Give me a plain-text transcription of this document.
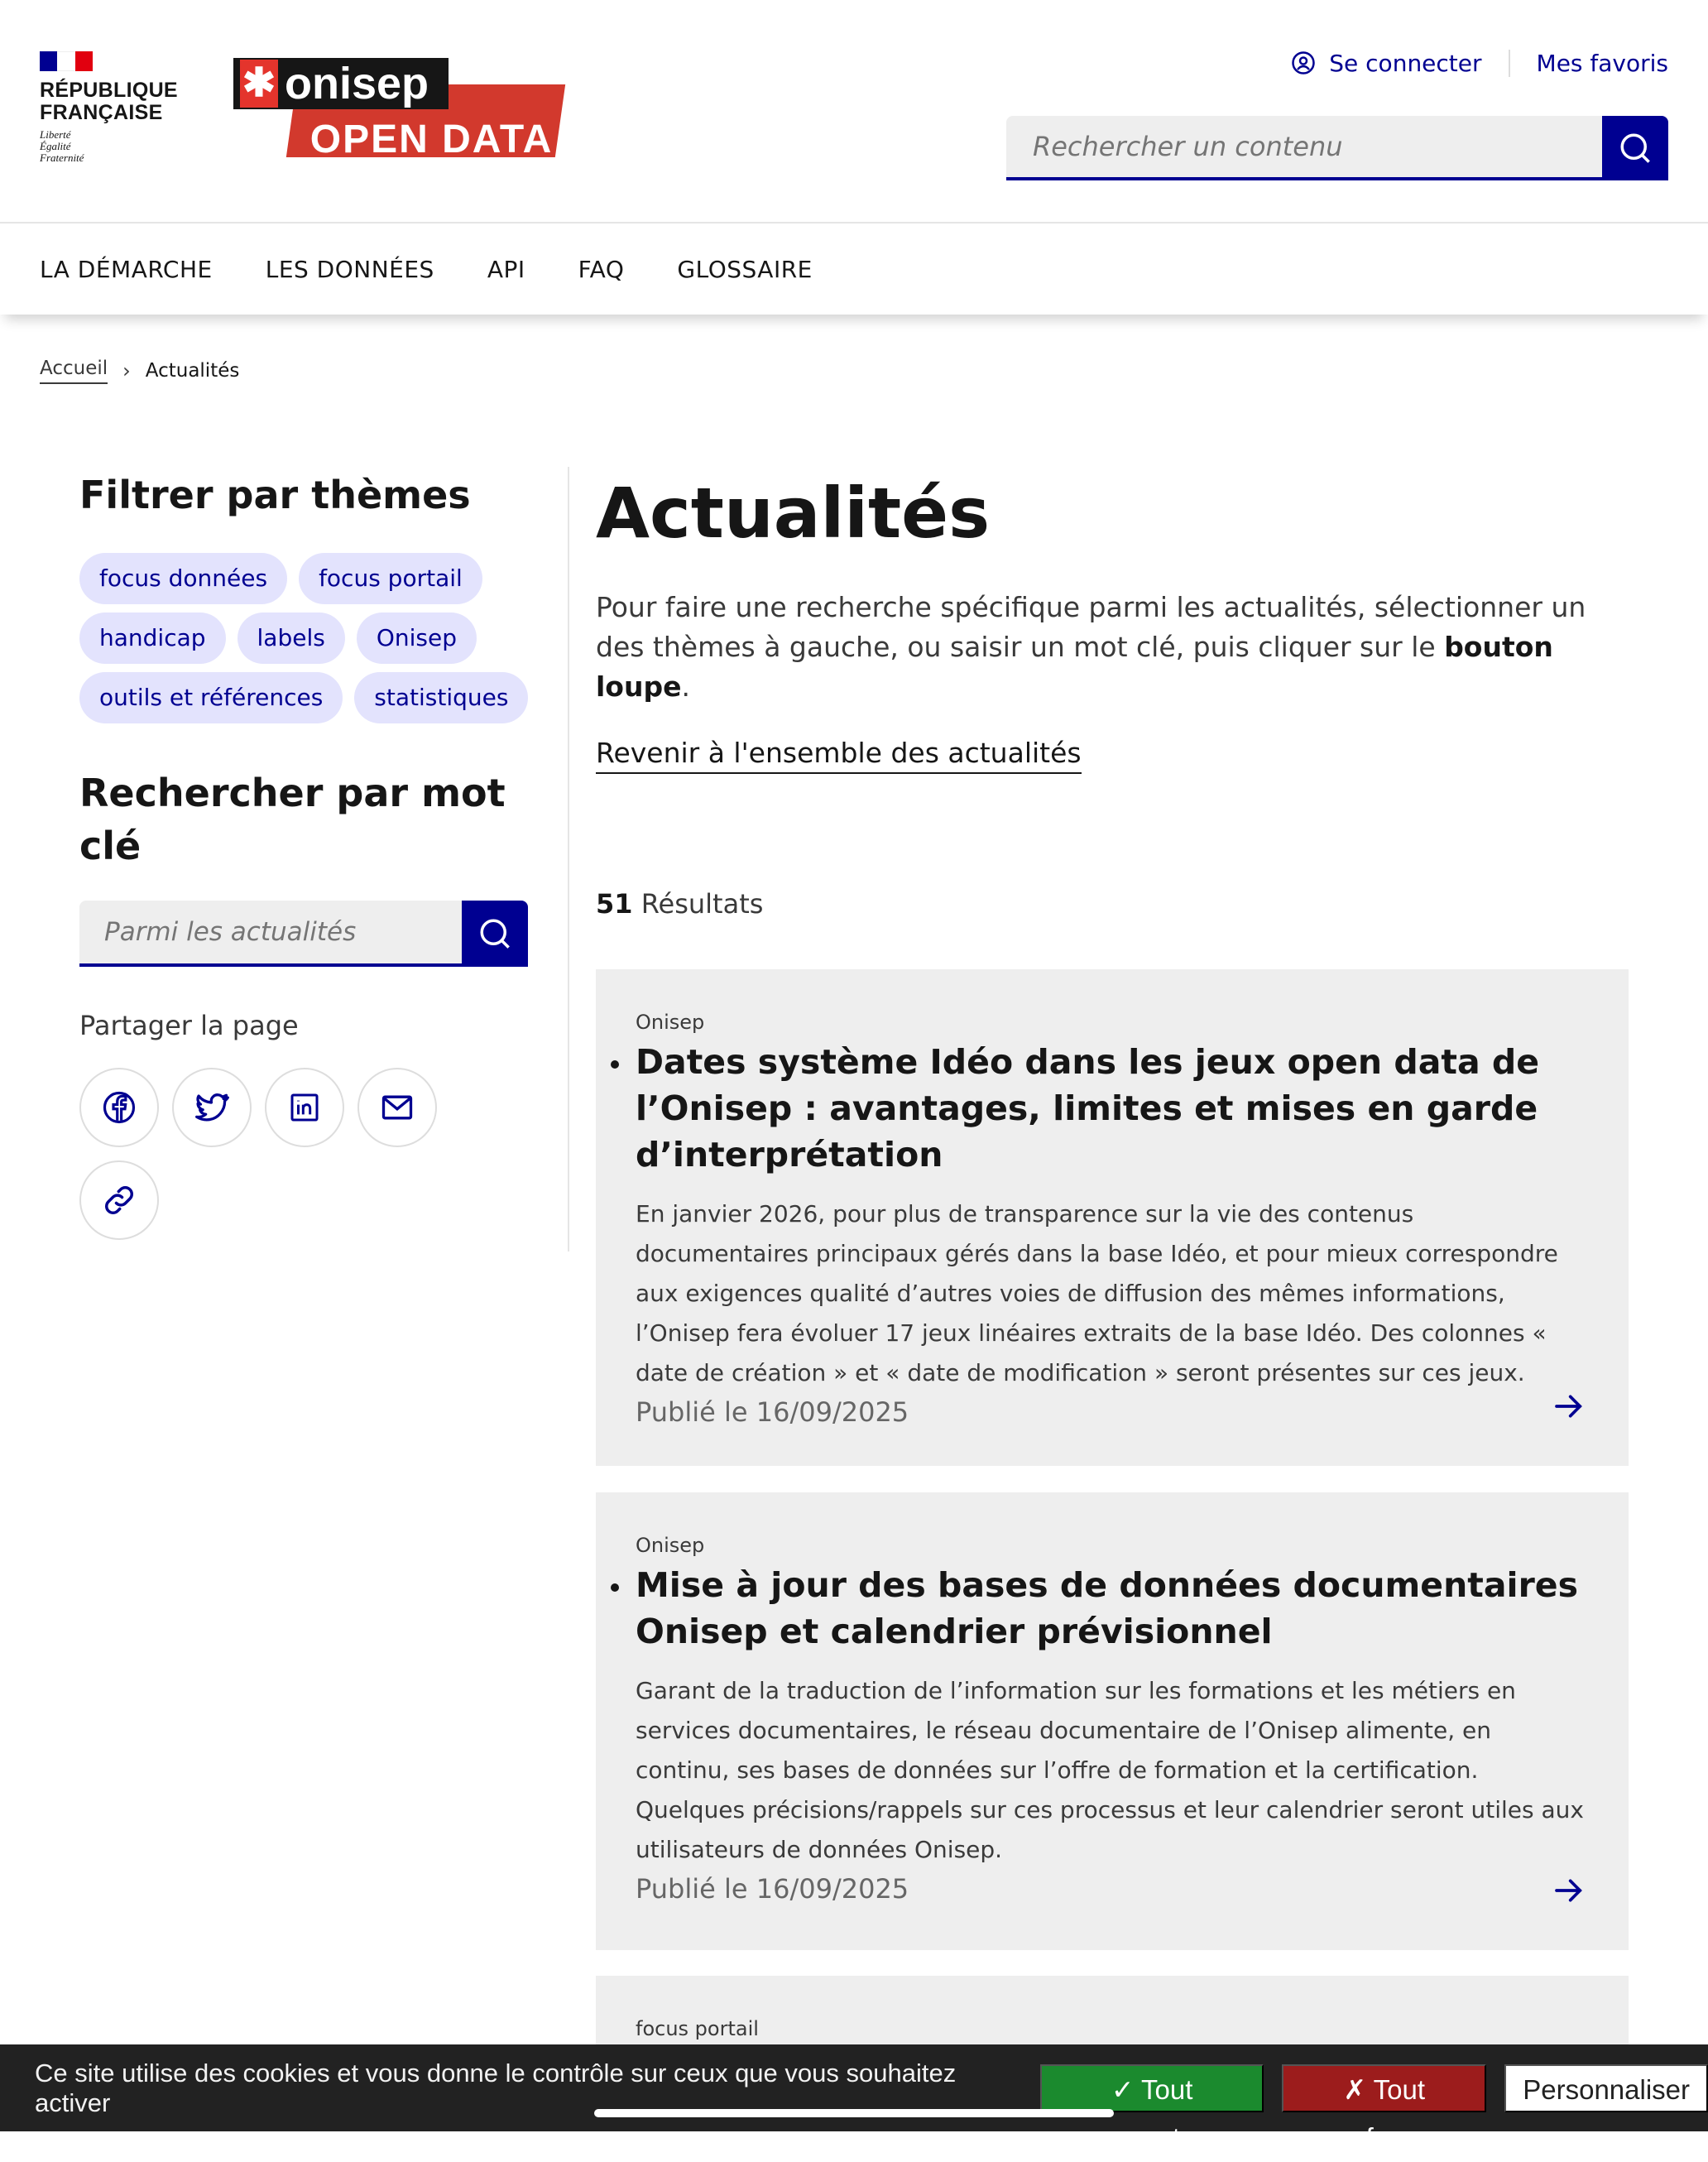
RÉPUBLIQUE
FRANÇAISE
Liberté
Égalité
Fraternité	OPEN DATA
✱ onisep	Se connecter Mes favoris
Rechercher un contenu
LA DÉMARCHE LES DONNÉES API FAQ GLOSSAIRE
Accueil › Actualités
Filtrer par thèmes
focus données	focus portail
handicap	labels	Onisep
outils et références	statistiques
Rechercher par mot clé
Parmi les actualités
Partager la page
Actualités

Pour faire une recherche spécifique parmi les actualités, sélectionner un des thèmes à gauche, ou saisir un mot clé, puis cliquer sur le bouton loupe.

Revenir à l'ensemble des actualités
51 Résultats
Onisep
Dates système Idéo dans les jeux open data de l’Onisep : avantages, limites et mises en garde d’interprétation

En janvier 2026, pour plus de transparence sur la vie des contenus documentaires principaux gérés dans la base Idéo, et pour mieux correspondre aux exigences qualité d’autres voies de diffusion des mêmes informations, l’Onisep fera évoluer 17 jeux linéaires extraits de la base Idéo. Des colonnes « date de création » et « date de modification » seront présentes sur ces jeux.

Publié le 16/09/2025
Onisep
Mise à jour des bases de données documentaires Onisep et calendrier prévisionnel

Garant de la traduction de l’information sur les formations et les métiers en services documentaires, le réseau documentaire de l’Onisep alimente, en continu, ses bases de données sur l’offre de formation et la certification. Quelques précisions/rappels sur ces processus et leur calendrier seront utiles aux utilisateurs de données Onisep.

Publié le 16/09/2025
focus portail
Ce site utilise des cookies et vous donne le contrôle sur ceux que vous souhaitez activer	✓ Tout accepter
✗ Tout refuser
Personnaliser
